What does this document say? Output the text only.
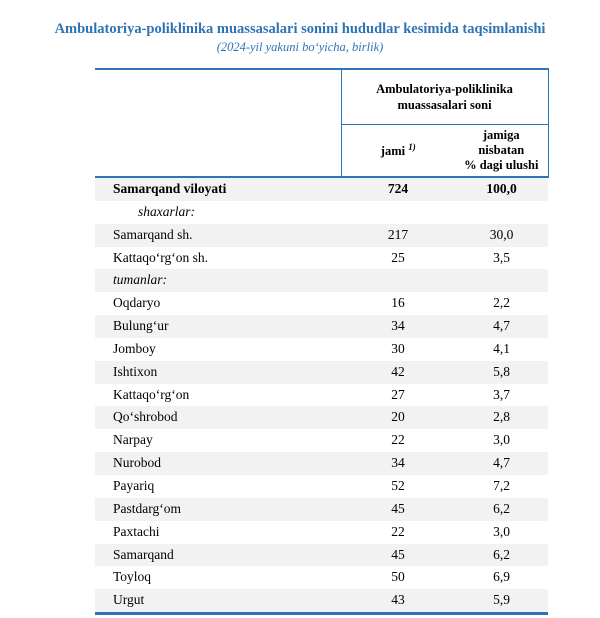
Ambulatoriya-poliklinika muassasalari sonini hududlar kesimida taqsimlanishi
(2024-yil yakuni boʻyicha, birlik)
	Ambulatoriya-poliklinika muassasalari soni	
	jami $^{1)}$	jamiga
nisbatan
% dagi ulushi

Samarqand viloyati	724	100,0
shaxarlar:		
Samarqand sh.	217	30,0
Kattaqoʻrgʻon sh.	25	3,5
tumanlar:		
Oqdaryo	16	2,2
Bulungʻur	34	4,7
Jomboy	30	4,1
Ishtixon	42	5,8
Kattaqoʻrgʻon	27	3,7
Qoʻshrobod	20	2,8
Narpay	22	3,0
Nurobod	34	4,7
Payariq	52	7,2
Pastdargʻom	45	6,2
Paxtachi	22	3,0
Samarqand	45	6,2
Toyloq	50	6,9
Urgut	43	5,9
